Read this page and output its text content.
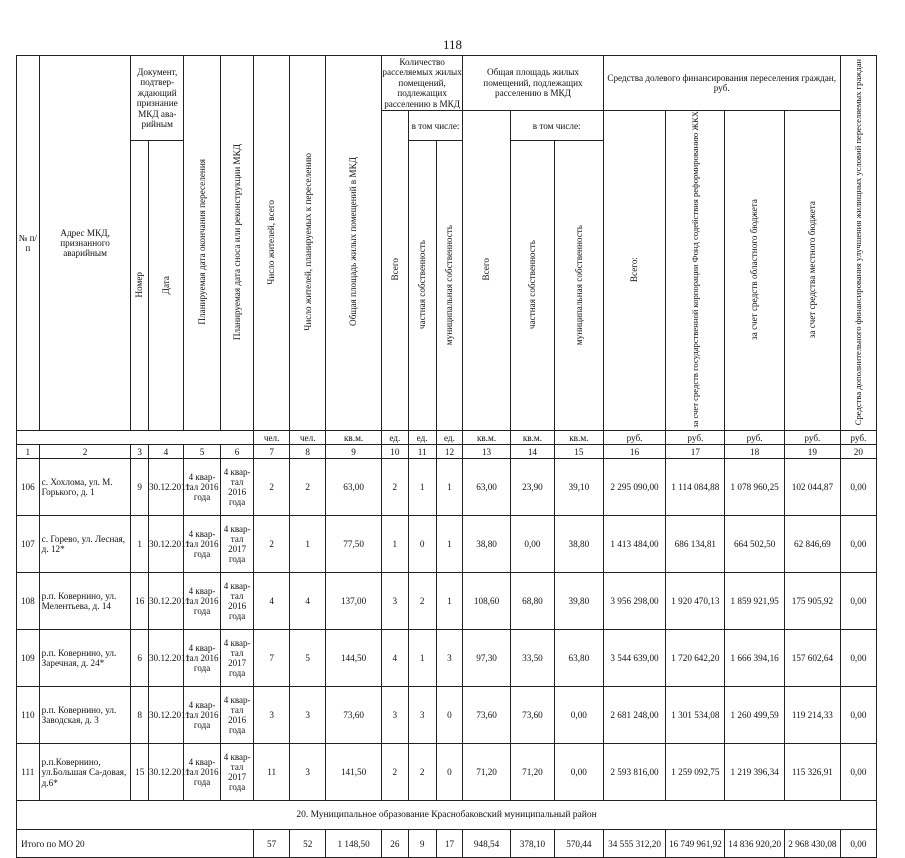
118
№ п/п	Адрес МКД, признанного аварийным	Документ, подтвер-ждающий признание МКД ава-рийным		Планируемая дата окончания переселения	Планируемая дата сноса или реконструкции МКД	Число жителей, всего	Число жителей, планируемых к переселению	Общая площадь жилых помещений в МКД	Количество расселяемых жилых помещений, подлежащих расселению в МКД			Общая площадь жилых помещений, подлежащих расселению в МКД			Средства долевого финансирования переселения граждан, руб.				Средства дополнительного финансирования улучшения жилищных условий переселяемых граждан
									Всего	в том числе:		Всего	в том числе:		Всего:	за счет средств государственной корпорации Фонд содействия реформированию ЖКХ	за счет средств областного бюджета	за счет средства местного бюджета	
		Номер	Дата							частная собственность	муниципальная собственность		частная собственность	муниципальная собственность					
						чел.	чел.	кв.м.	ед.	ед.	ед.	кв.м.	кв.м.	кв.м.	руб.	руб.	руб.	руб.	руб.
1	2	3	4	5	6	7	8	9	10	11	12	13	14	15	16	17	18	19	20
106	с. Хохлома, ул. М. Горького, д. 1	9	30.12.2011	4 квар-тал 2016 года	4 квар-тал 2016 года	2	2	63,00	2	1	1	63,00	23,90	39,10	2 295 090,00	1 114 084,88	1 078 960,25	102 044,87	0,00
107	с. Горево, ул. Лесная, д. 12*	1	30.12.2011	4 квар-тал 2016 года	4 квар-тал 2017 года	2	1	77,50	1	0	1	38,80	0,00	38,80	1 413 484,00	686 134,81	664 502,50	62 846,69	0,00
108	р.п. Ковернино, ул. Мелентьева, д. 14	16	30.12.2011	4 квар-тал 2016 года	4 квар-тал 2016 года	4	4	137,00	3	2	1	108,60	68,80	39,80	3 956 298,00	1 920 470,13	1 859 921,95	175 905,92	0,00
109	р.п. Ковернино, ул. Заречная, д. 24*	6	30.12.2011	4 квар-тал 2016 года	4 квар-тал 2017 года	7	5	144,50	4	1	3	97,30	33,50	63,80	3 544 639,00	1 720 642,20	1 666 394,16	157 602,64	0,00
110	р.п. Ковернино, ул. Заводская, д. 3	8	30.12.2011	4 квар-тал 2016 года	4 квар-тал 2016 года	3	3	73,60	3	3	0	73,60	73,60	0,00	2 681 248,00	1 301 534,08	1 260 499,59	119 214,33	0,00
111	р.п.Ковернино, ул.Большая Са-довая, д.6*	15	30.12.2011	4 квар-тал 2016 года	4 квар-тал 2017 года	11	3	141,50	2	2	0	71,20	71,20	0,00	2 593 816,00	1 259 092,75	1 219 396,34	115 326,91	0,00
20. Муниципальное образование Краснобаковский муниципальный район																			
Итого по МО 20						57	52	1 148,50	26	9	17	948,54	378,10	570,44	34 555 312,20	16 749 961,92	14 836 920,20	2 968 430,08	0,00
